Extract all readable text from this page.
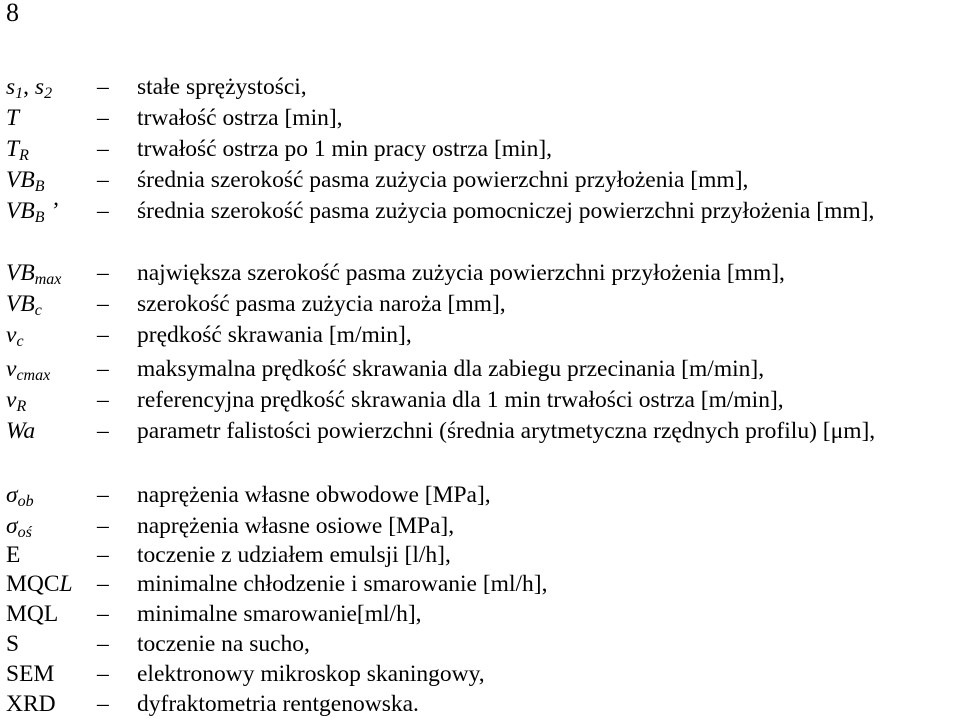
8
$s_1$, $s_2$ – stałe sprężystości,
T	– trwałość ostrza [min],
$T_R$	– trwałość ostrza po 1 min pracy ostrza [min],
$VB_B$ – średnia szerokość pasma zużycia powierzchni przyłożenia [mm],
$VB_B$ ’ – średnia szerokość pasma zużycia pomocniczej powierzchni przyłożenia [mm],
$VB_{max}$ – największa szerokość pasma zużycia powierzchni przyłożenia [mm],
$VB_c$ – szerokość pasma zużycia naroża [mm],
$v_c$	– prędkość skrawania [m/min],
$v_{cmax}$ – maksymalna prędkość skrawania dla zabiegu przecinania [m/min],
$v_R$	– referencyjna prędkość skrawania dla 1 min trwałości ostrza [m/min],
Wa	– parametr falistości powierzchni (średnia arytmetyczna rzędnych profilu) [μm],
$\sigma_{ob}$	– naprężenia własne obwodowe [MPa],
$\sigma_{oś}$	– naprężenia własne osiowe [MPa],
E	– toczenie z udziałem emulsji [l/h],
MQCL – minimalne chłodzenie i smarowanie [ml/h],
MQL – minimalne smarowanie[ml/h],
S	– toczenie na sucho,
SEM – elektronowy mikroskop skaningowy,
XRD – dyfraktometria rentgenowska.
